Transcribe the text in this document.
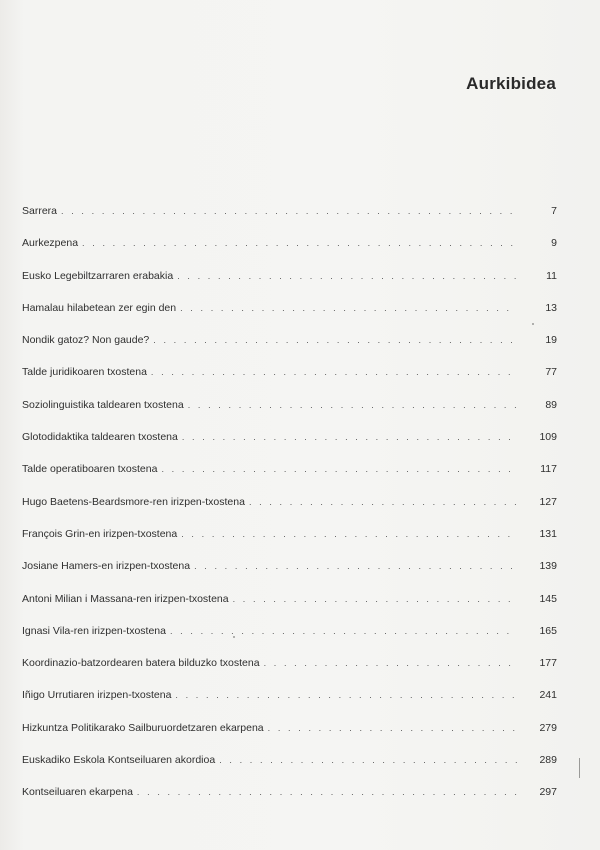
Aurkibidea
Sarrera . . .	7
Aurkezpena . . .	9
Eusko Legebiltzarraren erabakia . . .	11
Hamalau hilabetean zer egin den . . .	13
Nondik gatoz? Non gaude? . . .	19
Talde juridikoaren txostena . . .	77
Soziolinguistika taldearen txostena . . .	89
Glotodidaktika taldearen txostena . . .	109
Talde operatiboaren txostena . . .	117
Hugo Baetens-Beardsmore-ren irizpen-txostena . . .	127
François Grin-en irizpen-txostena . . .	131
Josiane Hamers-en irizpen-txostena . . .	139
Antoni Milian i Massana-ren irizpen-txostena . . .	145
Ignasi Vila-ren irizpen-txostena . . .	165
Koordinazio-batzordearen batera bilduzko txostena . . .	177
Iñigo Urrutiaren irizpen-txostena . . .	241
Hizkuntza Politikarako Sailburuordetzaren ekarpena . . .	279
Euskadiko Eskola Kontseiluaren akordioa . . .	289
Kontseiluaren ekarpena . . .	297
